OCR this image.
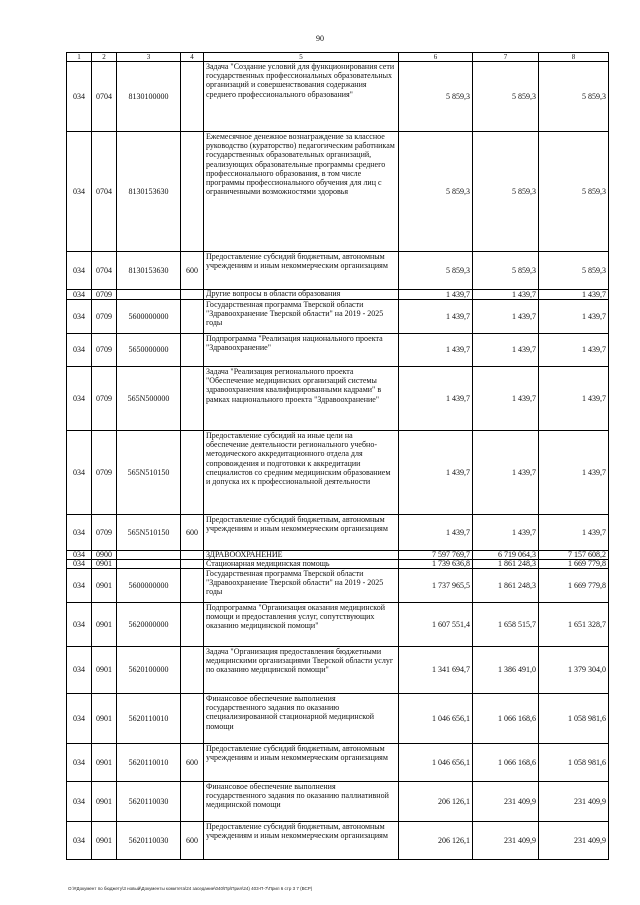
90
1	2	3	4	5	6	7	8
034	0704	8130100000		Задача "Создание условий для функционирования сети государственных профессиональных образовательных организаций и совершенствования содержания среднего профессионального образования"	5 859,3	5 859,3	5 859,3
034	0704	8130153630		Ежемесячное денежное вознаграждение за классное руководство (кураторство) педагогическим работникам государственных образовательных организаций, реализующих образовательные программы среднего профессионального образования, в том числе программы профессионального обучения для лиц с ограниченными возможностями здоровья	5 859,3	5 859,3	5 859,3
034	0704	8130153630	600	Предоставление субсидий бюджетным, автономным учреждениям и иным некоммерческим организациям	5 859,3	5 859,3	5 859,3
034	0709			Другие вопросы в области образования	1 439,7	1 439,7	1 439,7
034	0709	5600000000		Государственная программа Тверской области "Здравоохранение Тверской области" на 2019 - 2025 годы	1 439,7	1 439,7	1 439,7
034	0709	5650000000		Подпрограмма "Реализация национального проекта "Здравоохранение"	1 439,7	1 439,7	1 439,7
034	0709	565N500000		Задача "Реализация регионального проекта "Обеспечение медицинских организаций системы здравоохранения квалифицированными кадрами" в рамках национального проекта "Здравоохранение"	1 439,7	1 439,7	1 439,7
034	0709	565N510150		Предоставление субсидий на иные цели на обеспечение деятельности регионального учебно-методического аккредитационного отдела для сопровождения и подготовки к аккредитации специалистов со средним медицинским образованием и допуска их к профессиональной деятельности	1 439,7	1 439,7	1 439,7
034	0709	565N510150	600	Предоставление субсидий бюджетным, автономным учреждениям и иным некоммерческим организациям	1 439,7	1 439,7	1 439,7
034	0900			ЗДРАВООХРАНЕНИЕ	7 597 769,7	6 719 064,3	7 157 608,2
034	0901			Стационарная медицинская помощь	1 739 636,8	1 861 248,3	1 669 779,8
034	0901	5600000000		Государственная программа Тверской области "Здравоохранение Тверской области" на 2019 - 2025 годы	1 737 965,5	1 861 248,3	1 669 779,8
034	0901	5620000000		Подпрограмма "Организация оказания медицинской помощи и предоставления услуг, сопутствующих оказанию медицинской помощи"	1 607 551,4	1 658 515,7	1 651 328,7
034	0901	5620100000		Задача "Организация предоставления бюджетными медицинскими организациями Тверской области услуг по оказанию медицинской помощи"	1 341 694,7	1 386 491,0	1 379 304,0
034	0901	5620110010		Финансовое обеспечение выполнения государственного задания по оказанию специализированной стационарной медицинской помощи	1 046 656,1	1 066 168,6	1 058 981,6
034	0901	5620110010	600	Предоставление субсидий бюджетным, автономным учреждениям и иным некоммерческим организациям	1 046 656,1	1 066 168,6	1 058 981,6
034	0901	5620110030		Финансовое обеспечение выполнения государственного задания по оказанию паллиативной медицинской помощи	206 126,1	231 409,9	231 409,9
034	0901	5620110030	600	Предоставление субсидий бюджетным, автономным учреждениям и иным некоммерческим организациям	206 126,1	231 409,9	231 409,9
O:\#Документ по бюджету\3 новый\Документы комитета\24 заседание\040\Пр\Прил\24) 403-П-7\Прил 6 стр 3 7 (ВСР)
